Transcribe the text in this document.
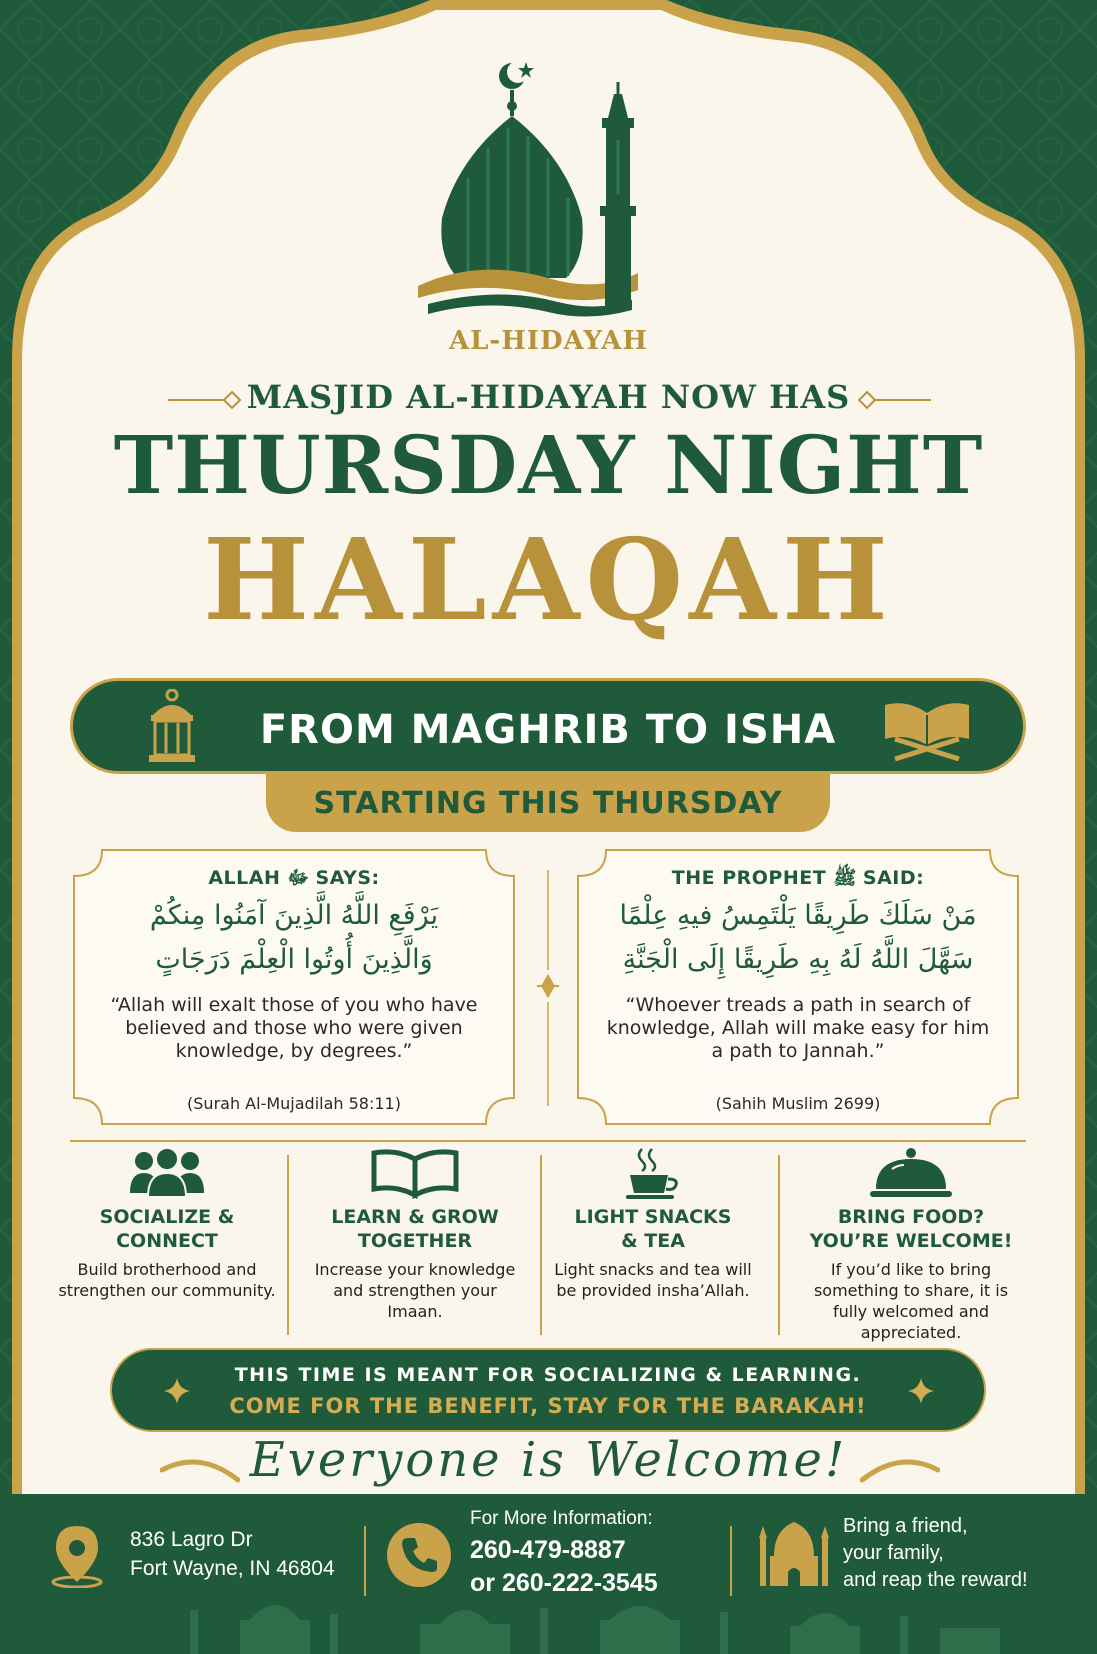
AL-HIDAYAH
MASJID AL-HIDAYAH NOW HAS
THURSDAY NIGHT
HALAQAH
FROM MAGHRIB TO ISHA
STARTING THIS THURSDAY
ALLAH ﷻ SAYS:
يَرْفَعِ اللَّهُ الَّذِينَ آمَنُوا مِنكُمْ
وَالَّذِينَ أُوتُوا الْعِلْمَ دَرَجَاتٍ
“Allah will exalt those of you who have believed and those who were given knowledge, by degrees.”
(Surah Al-Mujadilah 58:11)
THE PROPHET ﷺ SAID:
مَنْ سَلَكَ طَرِيقًا يَلْتَمِسُ فيهِ عِلْمًا
سَهَّلَ اللَّهُ لَهُ بِهِ طَرِيقًا إِلَى الْجَنَّةِ
“Whoever treads a path in search of knowledge, Allah will make easy for him a path to Jannah.”
(Sahih Muslim 2699)
SOCIALIZE &
CONNECT
Build brotherhood and strengthen our community.
LEARN & GROW
TOGETHER
Increase your knowledge and strengthen your Imaan.
LIGHT SNACKS
& TEA
Light snacks and tea will be provided insha’Allah.
BRING FOOD?
YOU’RE WELCOME!
If you’d like to bring something to share, it is fully welcomed and appreciated.
THIS TIME IS MEANT FOR SOCIALIZING & LEARNING.
COME FOR THE BENEFIT, STAY FOR THE BARAKAH!
Everyone is Welcome!
836 Lagro Dr
Fort Wayne, IN 46804
For More Information:
260-479-8887
or 260-222-3545
Bring a friend,
your family,
and reap the reward!
